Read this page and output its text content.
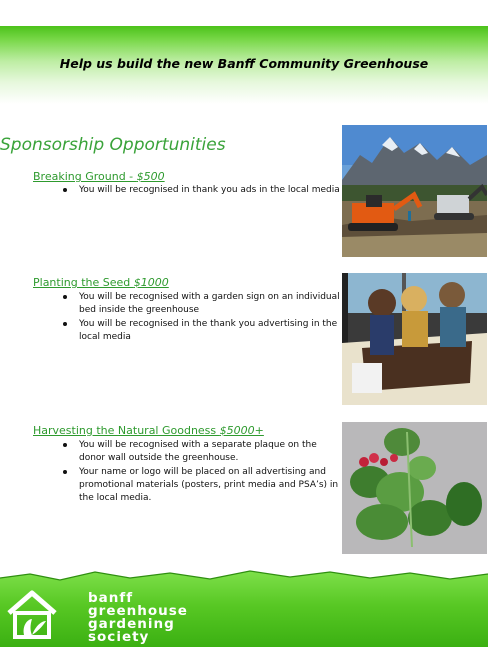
Help us build the new Banff Community Greenhouse
Sponsorship Opportunities
Breaking Ground - $500
You will be recognised in thank you ads in the local media
Planting the Seed $1000
You will be recognised with a garden sign on an individual
bed inside the greenhouse
You will be recognised in the thank you advertising in the
local media
Harvesting the Natural Goodness $5000+
You will be recognised with a separate plaque on the
donor wall outside the greenhouse.
Your name or logo will be placed on all advertising and
promotional materials (posters, print media and PSA’s) in
the local media.
banff
greenhouse
gardening
society
